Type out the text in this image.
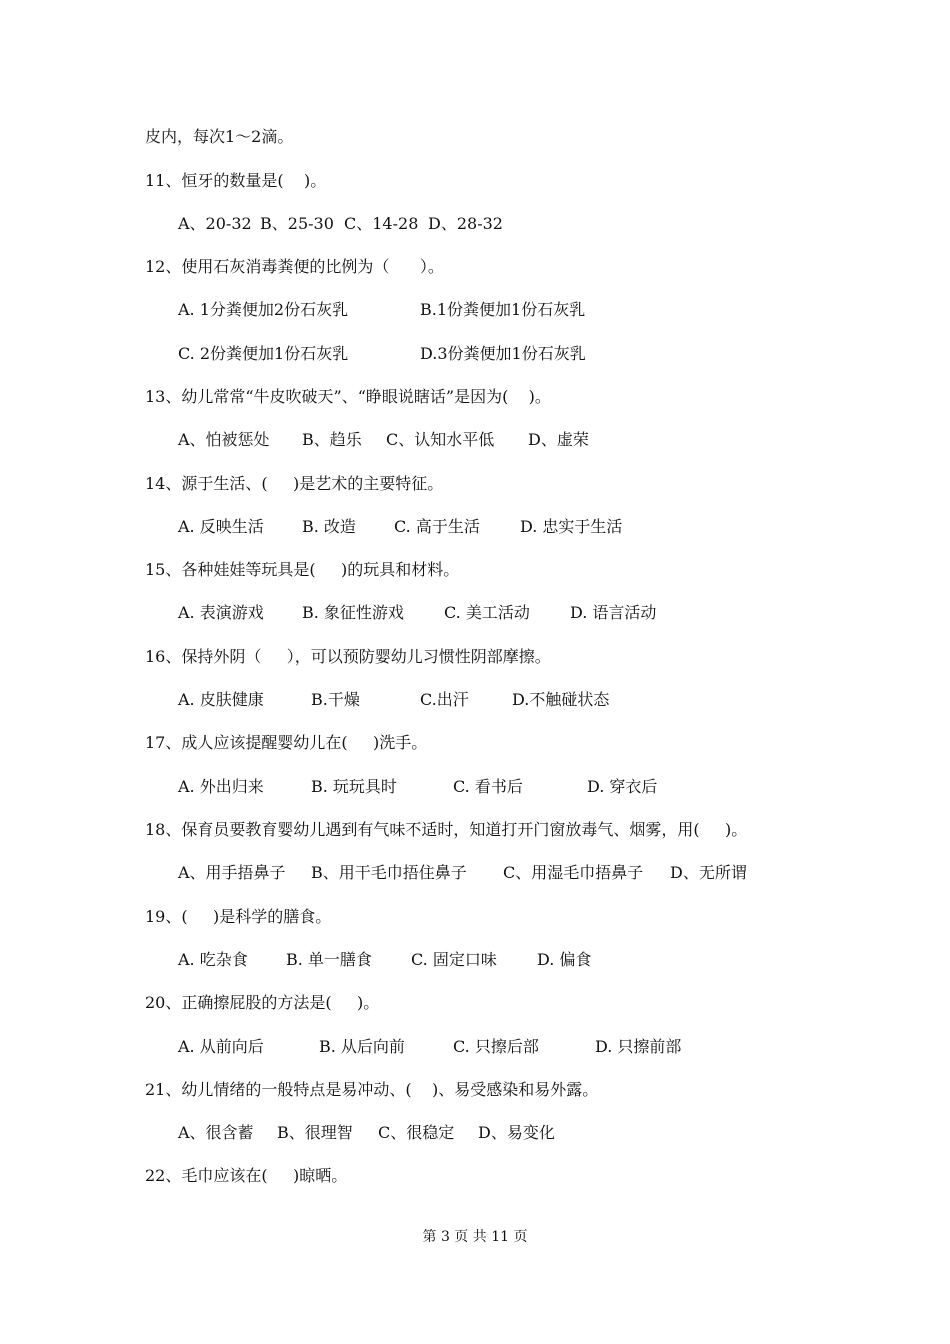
皮内，每次1～2滴。
11、恒牙的数量是(    )。

A、20-32

B、25-30

C、14-28

D、28-32

12、使用石灰消毒粪便的比例为（      ）。

A. 1分粪便加2份石灰乳

	B.1份粪便加1份石灰乳

C. 2份粪便加1份石灰乳

	D.3份粪便加1份石灰乳

13、幼儿常常“牛皮吹破天”、“睁眼说瞎话”是因为(    )。

A、怕被惩处

B、趋乐

C、认知水平低

D、虚荣

14、源于生活、(     )是艺术的主要特征。

A. 反映生活

B. 改造

C. 高于生活

	D. 忠实于生活

15、各种娃娃等玩具是(     )的玩具和材料。

A. 表演游戏

B. 象征性游戏

	C. 美工活动

	D. 语言活动

16、保持外阴（     ），可以预防婴幼儿习惯性阴部摩擦。

A. 皮肤健康

	B.干燥

	C.出汗

	D.不触碰状态

17、成人应该提醒婴幼儿在(     )洗手。

A. 外出归来

	B. 玩玩具时

	C. 看书后

	D. 穿衣后

18、保育员要教育婴幼儿遇到有气味不适时，知道打开门窗放毒气、烟雾，用(     )。

A、用手捂鼻子

B、用干毛巾捂住鼻子

C、用湿毛巾捂鼻子

D、无所谓

19、(     )是科学的膳食。

A. 吃杂食

B. 单一膳食

C. 固定口味

	D. 偏食

20、正确擦屁股的方法是(     )。

A. 从前向后

	B. 从后向前

	C. 只擦后部

	D. 只擦前部

21、幼儿情绪的一般特点是易冲动、(    )、易受感染和易外露。

A、很含蓄

B、很理智

C、很稳定

D、易变化

22、毛巾应该在(     )晾晒。
第 3 页 共 11 页
